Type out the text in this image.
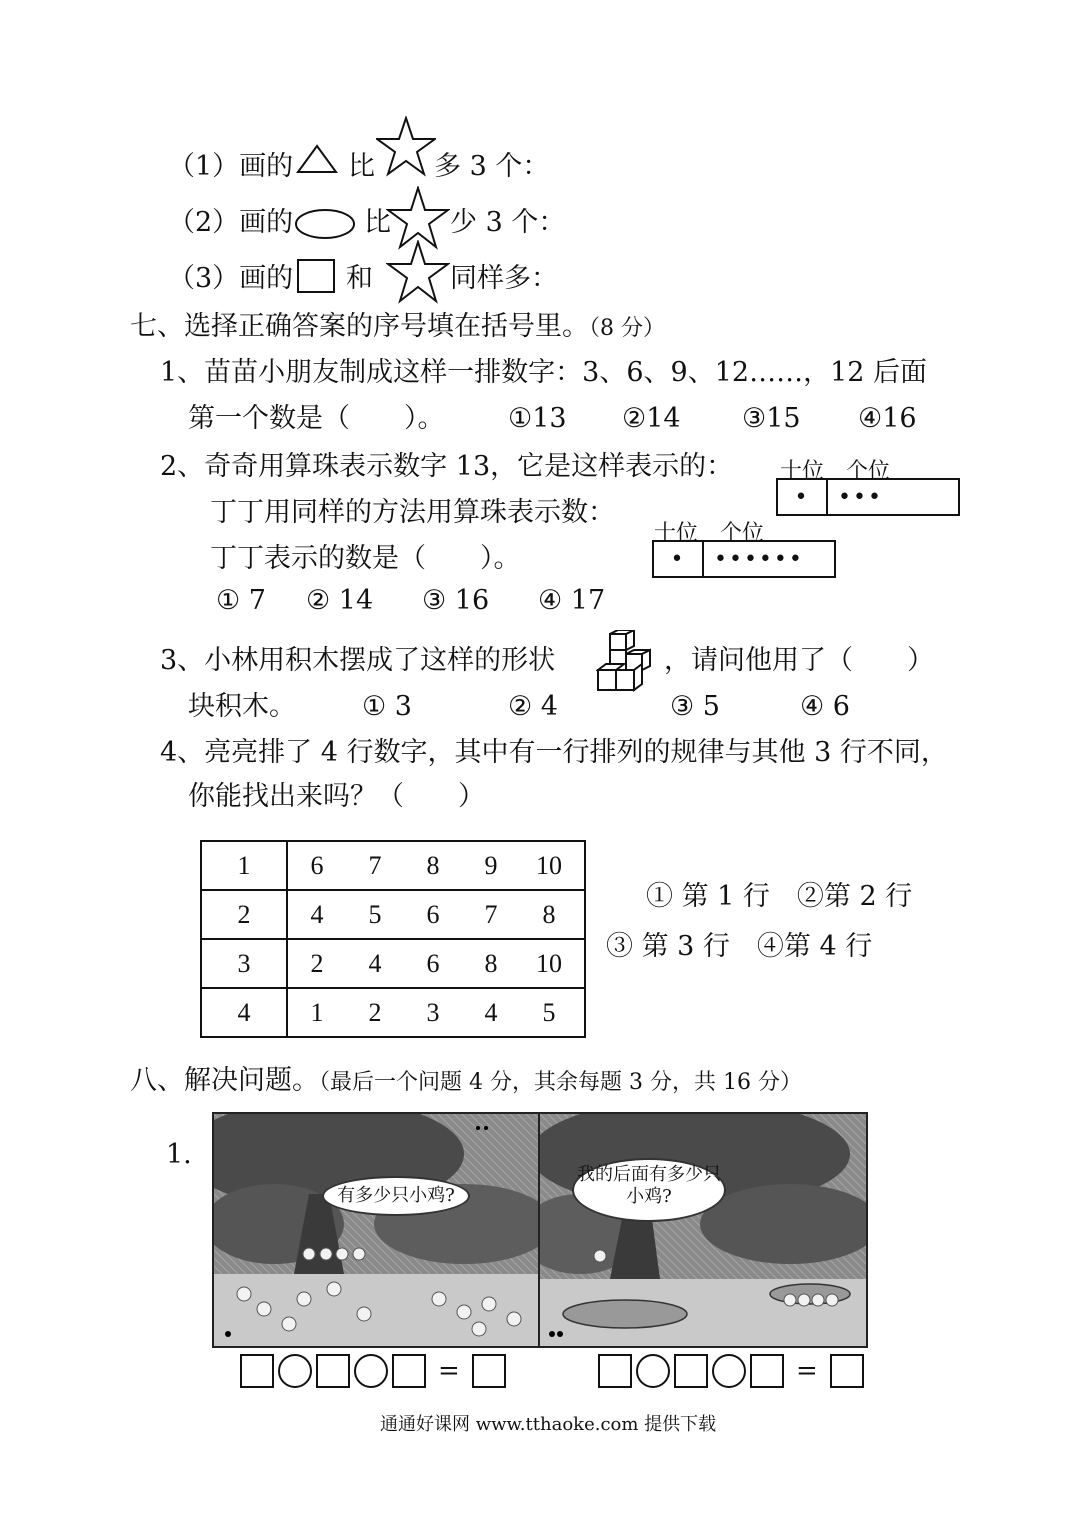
（1）画的 比 多 3 个：
（2）画的	比 少 3 个：
（3）画的 和	同样多：
七、选择正确答案的序号填在括号里。（8 分）
1、苗苗小朋友制成这样一排数字：3、6、9、12……，12 后面
第一个数是（　　）。 ①13 ②14 ③15 ④16
2、奇奇用算珠表示数字 13，它是这样表示的： 十位 个位
•	•••
丁丁用同样的方法用算珠表示数：
十位 个位
•	••••••
丁丁表示的数是（　　）。
① 7 ② 14 ③ 16 ④ 17
3、小林用积木摆成了这样的形状	，请问他用了（　　）
块积木。 ① 3	② 4	③ 5	④ 6
4、亮亮排了 4 行数字，其中有一行排列的规律与其他 3 行不同，
你能找出来吗？（　　）
1	6 7 8 9 10
2	4 5 6 7 8
3	2 4 6 8 10
4	1 2 3 4 5
① 第 1 行　②第 2 行
③ 第 3 行　④第 4 行
八、解决问题。（最后一个问题 4 分，其余每题 3 分，共 16 分）
1.
有多少只小鸡?
我的后面有多少只小鸡?
=	=
通通好课网 www.tthaoke.com 提供下载
